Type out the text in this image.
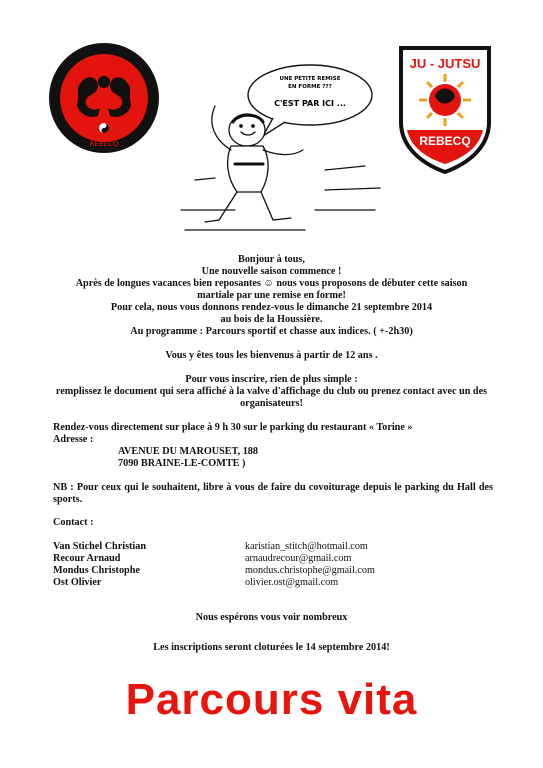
⊤	⊥
REBECQ
JU - JUTSU
REBECQ
UNE PETITE REMISE
EN FORME ???
C'EST PAR ICI ...
Bonjour à tous,
Une nouvelle saison commence !
Après de longues vacances bien reposantes ☺ nous vous proposons de débuter cette saison
martiale par une remise en forme!
Pour cela, nous vous donnons rendez-vous le dimanche 21 septembre 2014
au bois de la Houssière.
Au programme : Parcours sportif et chasse aux indices. ( +-2h30)
Vous y êtes tous les bienvenus à partir de 12 ans .
Pour vous inscrire, rien de plus simple :
remplissez le document qui sera affiché à la valve d'affichage du club ou prenez contact avec un des
organisateurs!
Rendez-vous directement sur place à 9 h 30 sur le parking du restaurant « Torine »
Adresse :
AVENUE DU MAROUSET, 188
7090 BRAINE-LE-COMTE )
NB : Pour ceux qui le souhaitent, libre à vous de faire du covoiturage depuis le parking du Hall des sports.
Contact :
Van Stichel Christian	karistian_stitch@hotmail.com
Recour Arnaud	arnaudrecour@gmail.com
Mondus Christophe	mondus.christophe@gmail.com
Ost Olivier	olivier.ost@gmail.com
Nous espérons vous voir nombreux
Les inscriptions seront cloturées le 14 septembre 2014!
Parcours vita
